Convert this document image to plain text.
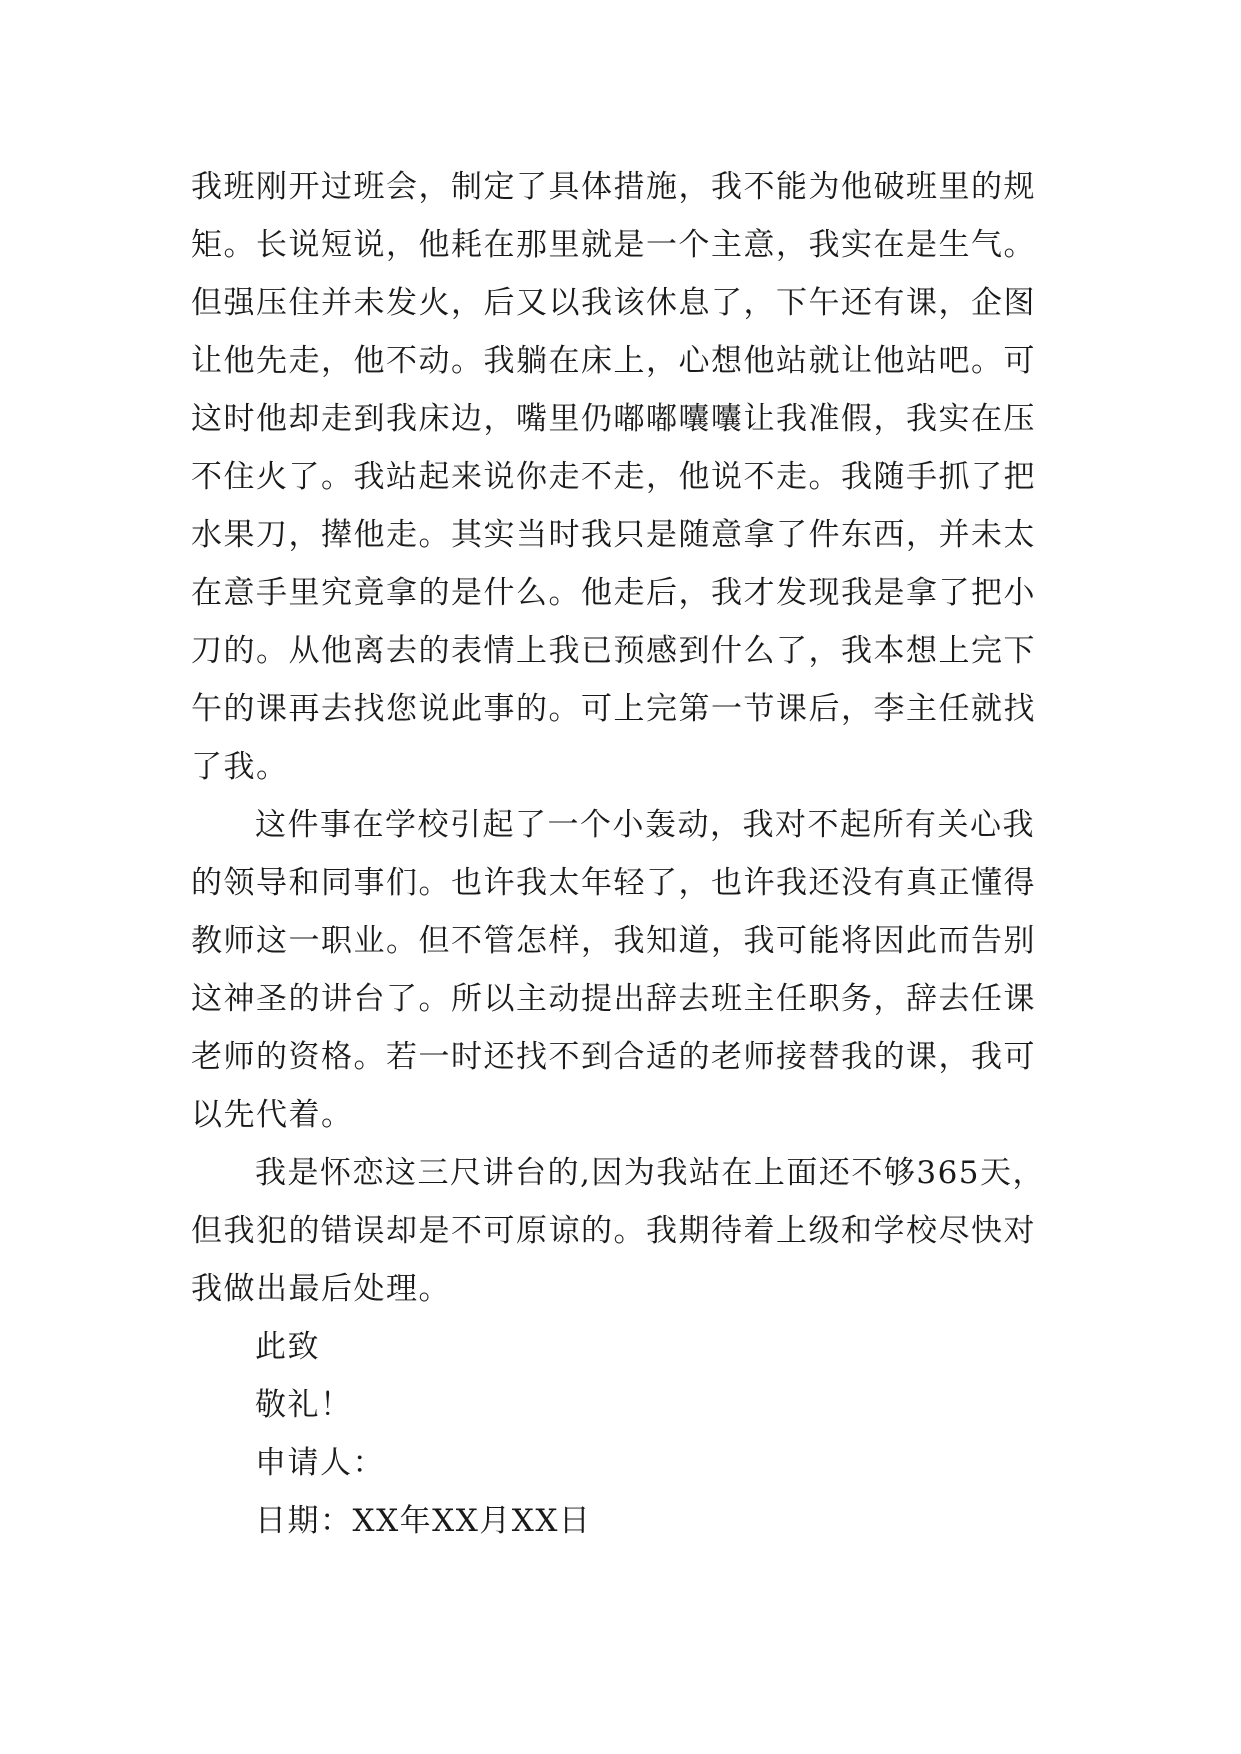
我班刚开过班会，制定了具体措施，我不能为他破班里的规
矩。长说短说，他耗在那里就是一个主意，我实在是生气。
但强压住并未发火，后又以我该休息了，下午还有课，企图
让他先走，他不动。我躺在床上，心想他站就让他站吧。可
这时他却走到我床边，嘴里仍嘟嘟囔囔让我准假，我实在压
不住火了。我站起来说你走不走，他说不走。我随手抓了把
水果刀，撵他走。其实当时我只是随意拿了件东西，并未太
在意手里究竟拿的是什么。他走后，我才发现我是拿了把小
刀的。从他离去的表情上我已预感到什么了，我本想上完下
午的课再去找您说此事的。可上完第一节课后，李主任就找
了我。
这件事在学校引起了一个小轰动，我对不起所有关心我
的领导和同事们。也许我太年轻了，也许我还没有真正懂得
教师这一职业。但不管怎样，我知道，我可能将因此而告别
这神圣的讲台了。所以主动提出辞去班主任职务，辞去任课
老师的资格。若一时还找不到合适的老师接替我的课，我可
以先代着。
我是怀恋这三尺讲台的,因为我站在上面还不够365天，
但我犯的错误却是不可原谅的。我期待着上级和学校尽快对
我做出最后处理。
此致
敬礼！
申请人：
日期：XX年XX月XX日
